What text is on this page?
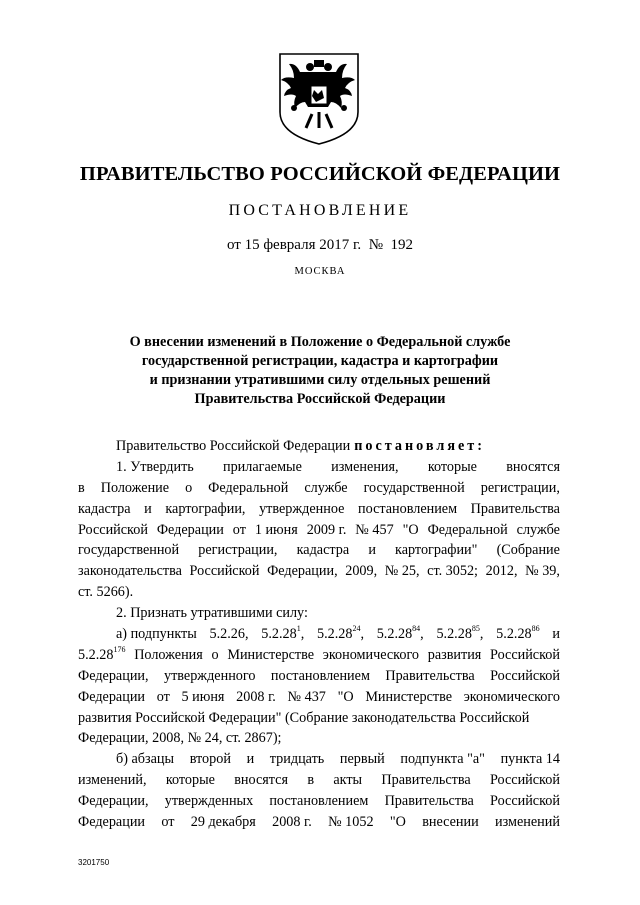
ПРАВИТЕЛЬСТВО РОССИЙСКОЙ ФЕДЕРАЦИИ
ПОСТАНОВЛЕНИЕ
от 15 февраля 2017 г. № 192
МОСКВА
О внесении изменений в Положение о Федеральной службе
государственной регистрации, кадастра и картографии
и признании утратившими силу отдельных решений
Правительства Российской Федерации
Правительство Российской Федерации постановляет:
1. Утвердить прилагаемые изменения, которые вносятся
в Положение о Федеральной службе государственной регистрации,
кадастра и картографии, утвержденное постановлением Правительства
Российской Федерации от 1 июня 2009 г. № 457 "О Федеральной службе
государственной регистрации, кадастра и картографии" (Собрание
законодательства Российской Федерации, 2009, № 25, ст. 3052; 2012, № 39,
ст. 5266).
2. Признать утратившими силу:
а) подпункты 5.2.26, 5.2.28$^1$, 5.2.28$^{24}$, 5.2.28$^{84}$, 5.2.28$^{85}$, 5.2.28$^{86}$ и
5.2.28$^{176}$ Положения о Министерстве экономического развития Российской
Федерации, утвержденного постановлением Правительства Российской
Федерации от 5 июня 2008 г. № 437 "О Министерстве экономического
развития Российской Федерации" (Собрание законодательства Российской
Федерации, 2008, № 24, ст. 2867);
б) абзацы второй и тридцать первый подпункта "а" пункта 14
изменений, которые вносятся в акты Правительства Российской
Федерации, утвержденных постановлением Правительства Российской
Федерации от 29 декабря 2008 г. № 1052 "О внесении изменений
3201750
